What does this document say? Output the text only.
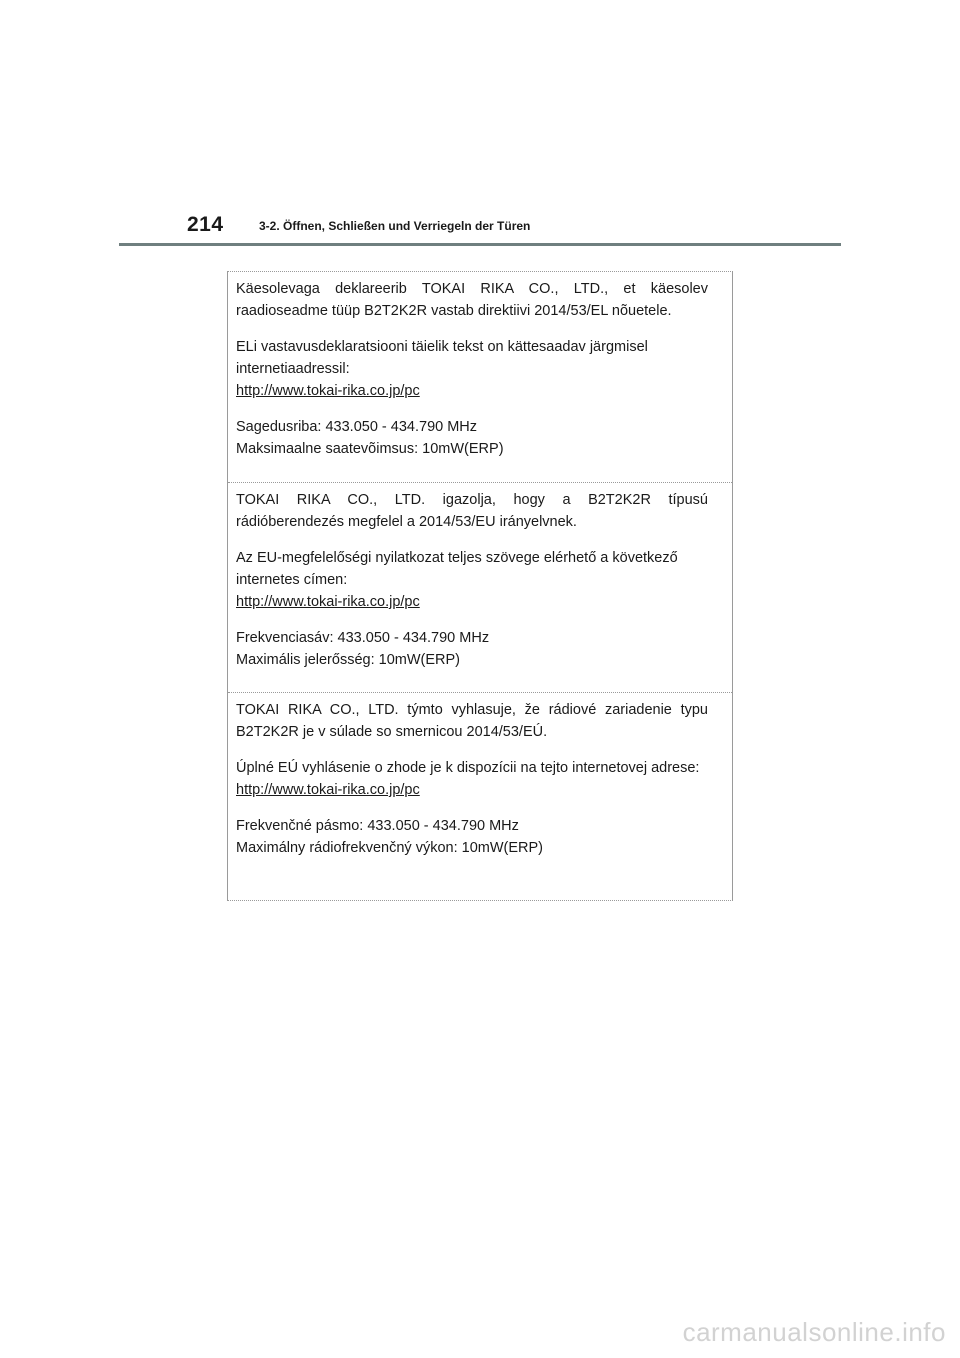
214	3-2. Öffnen, Schließen und Verriegeln der Türen

Käesolevaga deklareerib TOKAI RIKA CO., LTD., et käesolev raadioseadme tüüp B2T2K2R vastab direktiivi 2014/53/EL nõuetele.

ELi vastavusdeklaratsiooni täielik tekst on kättesaadav järgmisel internetiaadressil:

http://www.tokai-rika.co.jp/pc

Sagedusriba: 433.050 - 434.790 MHz

Maksimaalne saatevõimsus: 10mW(ERP)

TOKAI RIKA CO., LTD. igazolja, hogy a B2T2K2R típusú rádióberendezés megfelel a 2014/53/EU irányelvnek.

Az EU-megfelelőségi nyilatkozat teljes szövege elérhető a következő internetes címen:

http://www.tokai-rika.co.jp/pc

Frekvenciasáv: 433.050 - 434.790 MHz

Maximális jelerősség: 10mW(ERP)

TOKAI RIKA CO., LTD. týmto vyhlasuje, že rádiové zariadenie typu B2T2K2R je v súlade so smernicou 2014/53/EÚ.

Úplné EÚ vyhlásenie o zhode je k dispozícii na tejto internetovej adrese:

http://www.tokai-rika.co.jp/pc

Frekvenčné pásmo: 433.050 - 434.790 MHz

Maximálny rádiofrekvenčný výkon: 10mW(ERP)

carmanualsonline.info
